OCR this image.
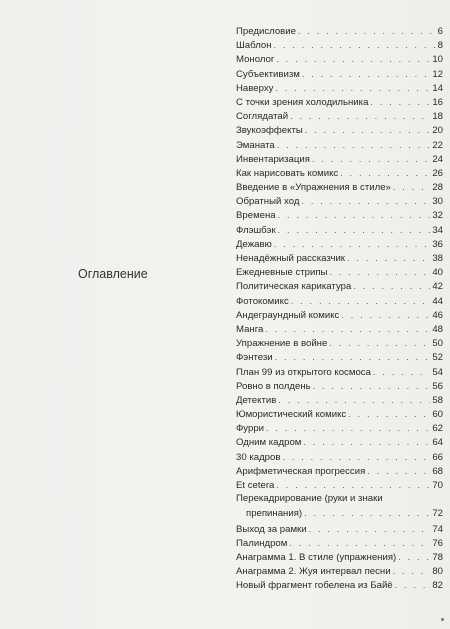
Оглавление
Предисловие . . .	6
Шаблон . . .	8
Монолог . . .	10
Субъективизм . . .	12
Наверху . . .	14
С точки зрения холодильника . . .	16
Соглядатай . . .	18
Звукоэффекты . . .	20
Эманата . . .	22
Инвентаризация . . .	24
Как нарисовать комикс . . .	26
Введение в «Упражнения в стиле» . . .	28
Обратный ход . . .	30
Времена . . .	32
Флэшбэк . . .	34
Дежавю . . .	36
Ненадёжный рассказчик . . .	38
Ежедневные стрипы . . .	40
Политическая карикатура . . .	42
Фотокомикс . . .	44
Андеграундный комикс . . .	46
Манга . . .	48
Упражнение в войне . . .	50
Фэнтези . . .	52
План 99 из открытого космоса . . .	54
Ровно в полдень . . .	56
Детектив . . .	58
Юмористический комикс . . .	60
Фурри . . .	62
Одним кадром . . .	64
30 кадров . . .	66
Арифметическая прогрессия . . .	68
Et cetera . . .	70
Перекадрирование (руки и знаки
препинания) . . .	72
Выход за рамки . . .	74
Палиндром . . .	76
Анаграмма 1. В стиле (упражнения) . . .	78
Анаграмма 2. Жуя интервал песни . . .	80
Новый фрагмент гобелена из Байё . . .	82
